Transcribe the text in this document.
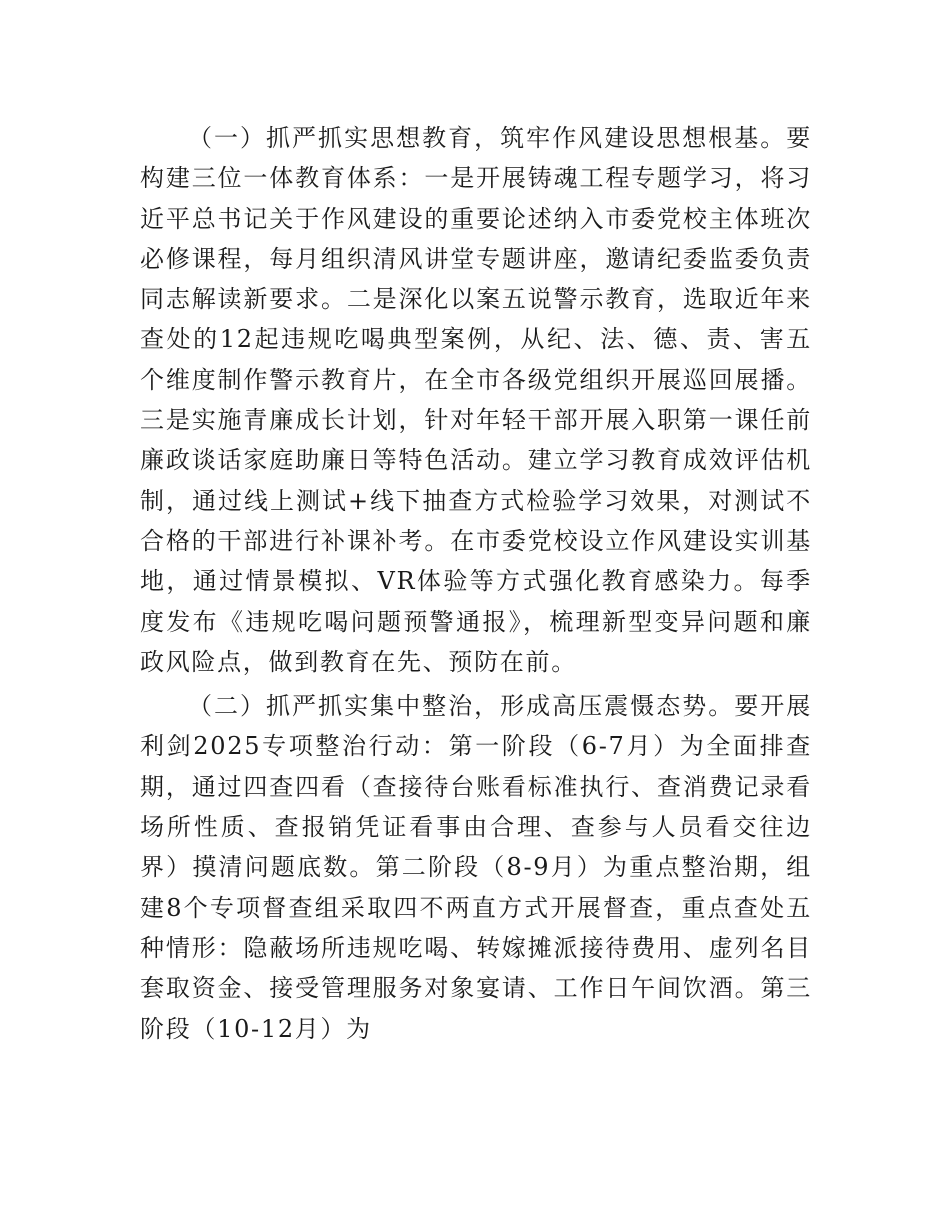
（一）抓严抓实思想教育，筑牢作风建设思想根基。要构建三位一体教育体系：一是开展铸魂工程专题学习，将习近平总书记关于作风建设的重要论述纳入市委党校主体班次必修课程，每月组织清风讲堂专题讲座，邀请纪委监委负责同志解读新要求。二是深化以案五说警示教育，选取近年来查处的12起违规吃喝典型案例，从纪、法、德、责、害五个维度制作警示教育片，在全市各级党组织开展巡回展播。三是实施青廉成长计划，针对年轻干部开展入职第一课任前廉政谈话家庭助廉日等特色活动。建立学习教育成效评估机制，通过线上测试+线下抽查方式检验学习效果，对测试不合格的干部进行补课补考。在市委党校设立作风建设实训基地，通过情景模拟、VR体验等方式强化教育感染力。每季度发布《违规吃喝问题预警通报》，梳理新型变异问题和廉政风险点，做到教育在先、预防在前。

（二）抓严抓实集中整治，形成高压震慑态势。要开展利剑2025专项整治行动：第一阶段（6-7月）为全面排查期，通过四查四看（查接待台账看标准执行、查消费记录看场所性质、查报销凭证看事由合理、查参与人员看交往边界）摸清问题底数。第二阶段（8-9月）为重点整治期，组建8个专项督查组采取四不两直方式开展督查，重点查处五种情形：隐蔽场所违规吃喝、转嫁摊派接待费用、虚列名目套取资金、接受管理服务对象宴请、工作日午间饮酒。第三阶段（10-12月）为
